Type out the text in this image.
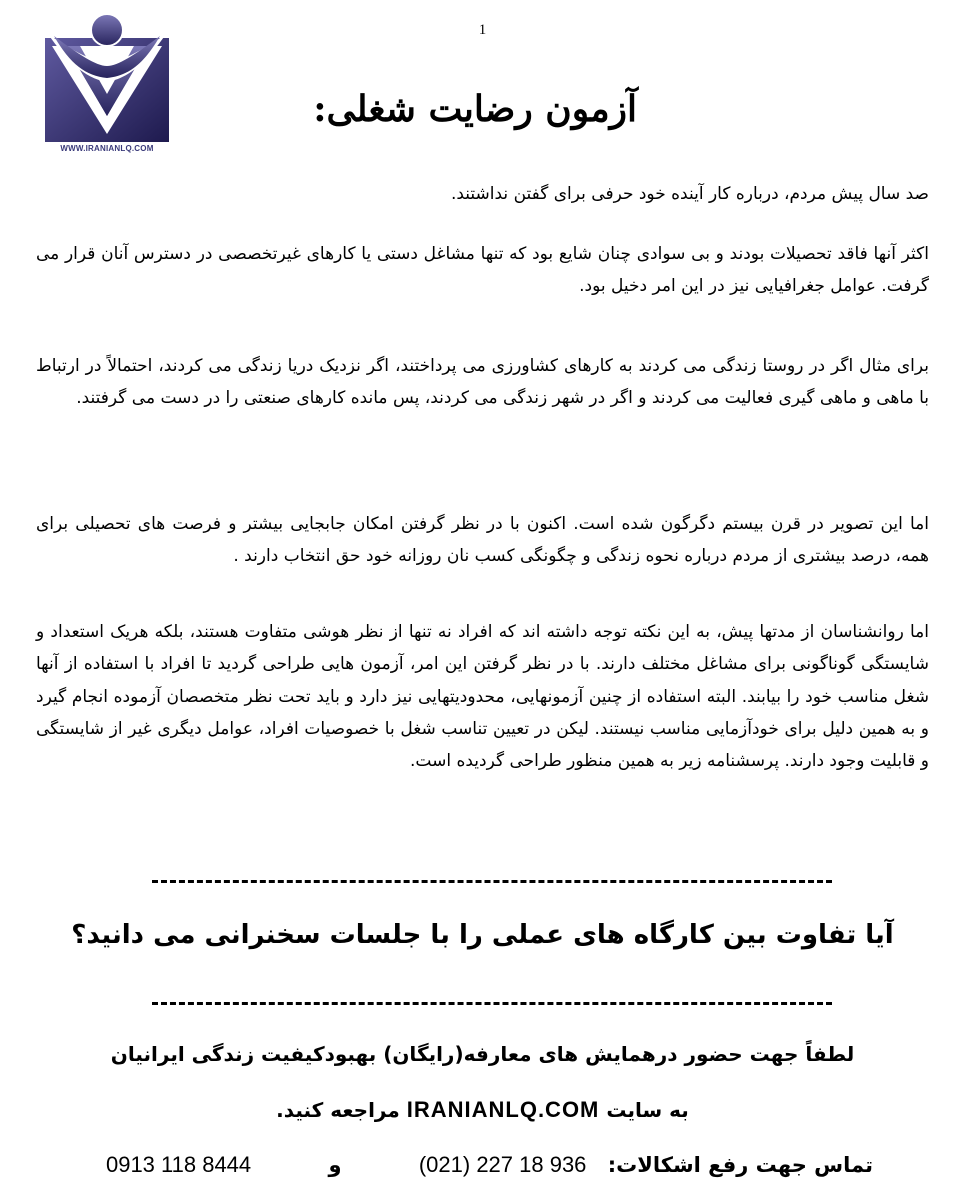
1
WWW.IRANIANLQ.COM
آزمون رضایت شغلی:

صد سال پیش مردم، درباره کار آینده خود حرفی برای گفتن نداشتند.

اکثر آنها فاقد تحصیلات بودند و بی سوادی چنان شایع بود که تنها مشاغل دستی یا کارهای غیرتخصصی در دسترس آنان قرار می گرفت. عوامل جغرافیایی نیز در این امر دخیل بود.

برای مثال اگر در روستا زندگی می کردند به کارهای کشاورزی می پرداختند، اگر نزدیک دریا زندگی می کردند، احتمالاً در ارتباط با ماهی و ماهی گیری فعالیت می کردند و اگر در شهر زندگی می کردند، پس مانده کارهای صنعتی را در دست می گرفتند.

اما این تصویر در قرن بیستم دگرگون شده است. اکنون با در نظر گرفتن امکان جابجایی بیشتر و فرصت های تحصیلی برای همه، درصد بیشتری از مردم درباره نحوه زندگی و چگونگی کسب نان روزانه خود حق انتخاب دارند .

اما روانشناسان از مدتها پیش، به این نکته توجه داشته اند که افراد نه تنها از نظر هوشی متفاوت هستند، بلکه هریک استعداد و شایستگی گوناگونی برای مشاغل مختلف دارند. با در نظر گرفتن این امر، آزمون هایی طراحی گردید تا افراد با استفاده از آنها شغل مناسب خود را بیابند. البته استفاده از چنین آزمونهایی، محدودیتهایی نیز دارد و باید تحت نظر متخصصان آزموده انجام گیرد و به همین دلیل برای خودآزمایی مناسب نیستند. لیکن در تعیین تناسب شغل با خصوصیات افراد، عوامل دیگری غیر از شایستگی و قابلیت وجود دارند. پرسشنامه زیر به همین منظور طراحی گردیده است.

آیا تفاوت بین کارگاه های عملی را با جلسات سخنرانی می دانید؟
لطفاً جهت حضور درهمایش های معارفه(رایگان) بهبودکیفیت زندگی ایرانیان
به سایت IRANIANLQ.COM مراجعه کنید.
تماس جهت رفع اشکالات: (021) 227 18 936 و 0913 118 8444
